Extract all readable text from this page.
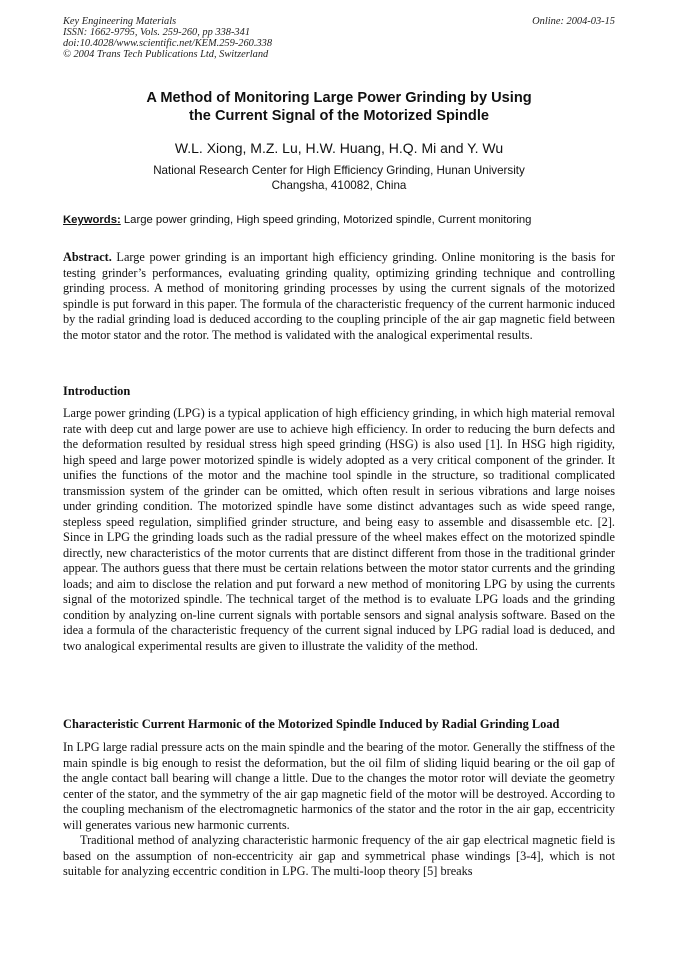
Key Engineering Materials
ISSN: 1662-9795, Vols. 259-260, pp 338-341
doi:10.4028/www.scientific.net/KEM.259-260.338
© 2004 Trans Tech Publications Ltd, Switzerland
Online: 2004-03-15
A Method of Monitoring Large Power Grinding by Using
the Current Signal of the Motorized Spindle
W.L. Xiong, M.Z. Lu, H.W. Huang, H.Q. Mi and Y. Wu
National Research Center for High Efficiency Grinding, Hunan University
Changsha, 410082, China
Keywords: Large power grinding, High speed grinding, Motorized spindle, Current monitoring
Abstract. Large power grinding is an important high efficiency grinding. Online monitoring is the basis for testing grinder’s performances, evaluating grinding quality, optimizing grinding technique and controlling grinding process. A method of monitoring grinding processes by using the current signals of the motorized spindle is put forward in this paper. The formula of the characteristic frequency of the current harmonic induced by the radial grinding load is deduced according to the coupling principle of the air gap magnetic field between the motor stator and the rotor. The method is validated with the analogical experimental results.
Introduction
Large power grinding (LPG) is a typical application of high efficiency grinding, in which high material removal rate with deep cut and large power are use to achieve high efficiency. In order to reducing the burn defects and the deformation resulted by residual stress high speed grinding (HSG) is also used [1]. In HSG high rigidity, high speed and large power motorized spindle is widely adopted as a very critical component of the grinder. It unifies the functions of the motor and the machine tool spindle in the structure, so traditional complicated transmission system of the grinder can be omitted, which often result in serious vibrations and large noises under grinding condition. The motorized spindle have some distinct advantages such as wide speed range, stepless speed regulation, simplified grinder structure, and being easy to assemble and disassemble etc. [2]. Since in LPG the grinding loads such as the radial pressure of the wheel makes effect on the motorized spindle directly, new characteristics of the motor currents that are distinct different from those in the traditional grinder appear. The authors guess that there must be certain relations between the motor stator currents and the grinding loads; and aim to disclose the relation and put forward a new method of monitoring LPG by using the currents signal of the motorized spindle. The technical target of the method is to evaluate LPG loads and the grinding condition by analyzing on-line current signals with portable sensors and signal analysis software. Based on the idea a formula of the characteristic frequency of the current signal induced by LPG radial load is deduced, and two analogical experimental results are given to illustrate the validity of the method.
Characteristic Current Harmonic of the Motorized Spindle Induced by Radial Grinding Load

In LPG large radial pressure acts on the main spindle and the bearing of the motor. Generally the stiffness of the main spindle is big enough to resist the deformation, but the oil film of sliding liquid bearing or the oil gap of the angle contact ball bearing will change a little. Due to the changes the motor rotor will deviate the geometry center of the stator, and the symmetry of the air gap magnetic field of the motor will be destroyed. According to the coupling mechanism of the electromagnetic harmonics of the stator and the rotor in the air gap, eccentricity will generates various new harmonic currents.

Traditional method of analyzing characteristic harmonic frequency of the air gap electrical magnetic field is based on the assumption of non-eccentricity air gap and symmetrical phase windings [3-4], which is not suitable for analyzing eccentric condition in LPG. The multi-loop theory [5] breaks
